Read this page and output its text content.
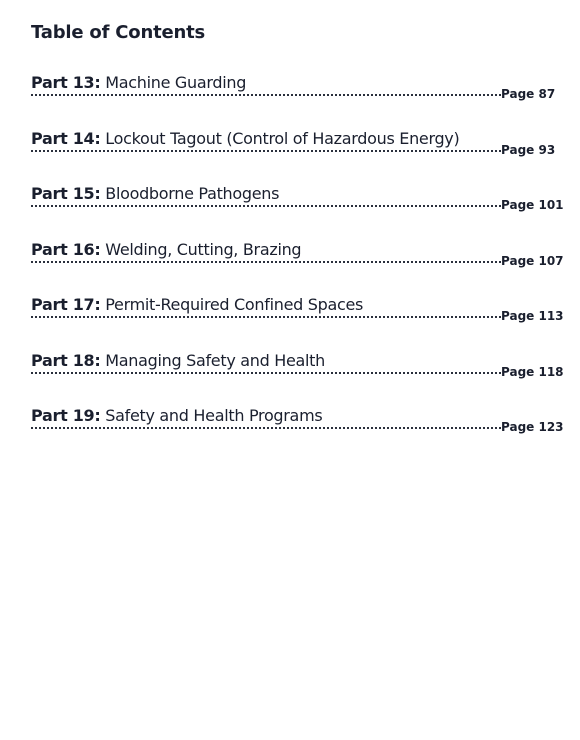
Table of Contents
Part 13: Machine Guarding
Page 87
Part 14: Lockout Tagout (Control of Hazardous Energy)
Page 93
Part 15: Bloodborne Pathogens
Page 101
Part 16: Welding, Cutting, Brazing
Page 107
Part 17: Permit-Required Confined Spaces
Page 113
Part 18: Managing Safety and Health
Page 118
Part 19: Safety and Health Programs
Page 123
